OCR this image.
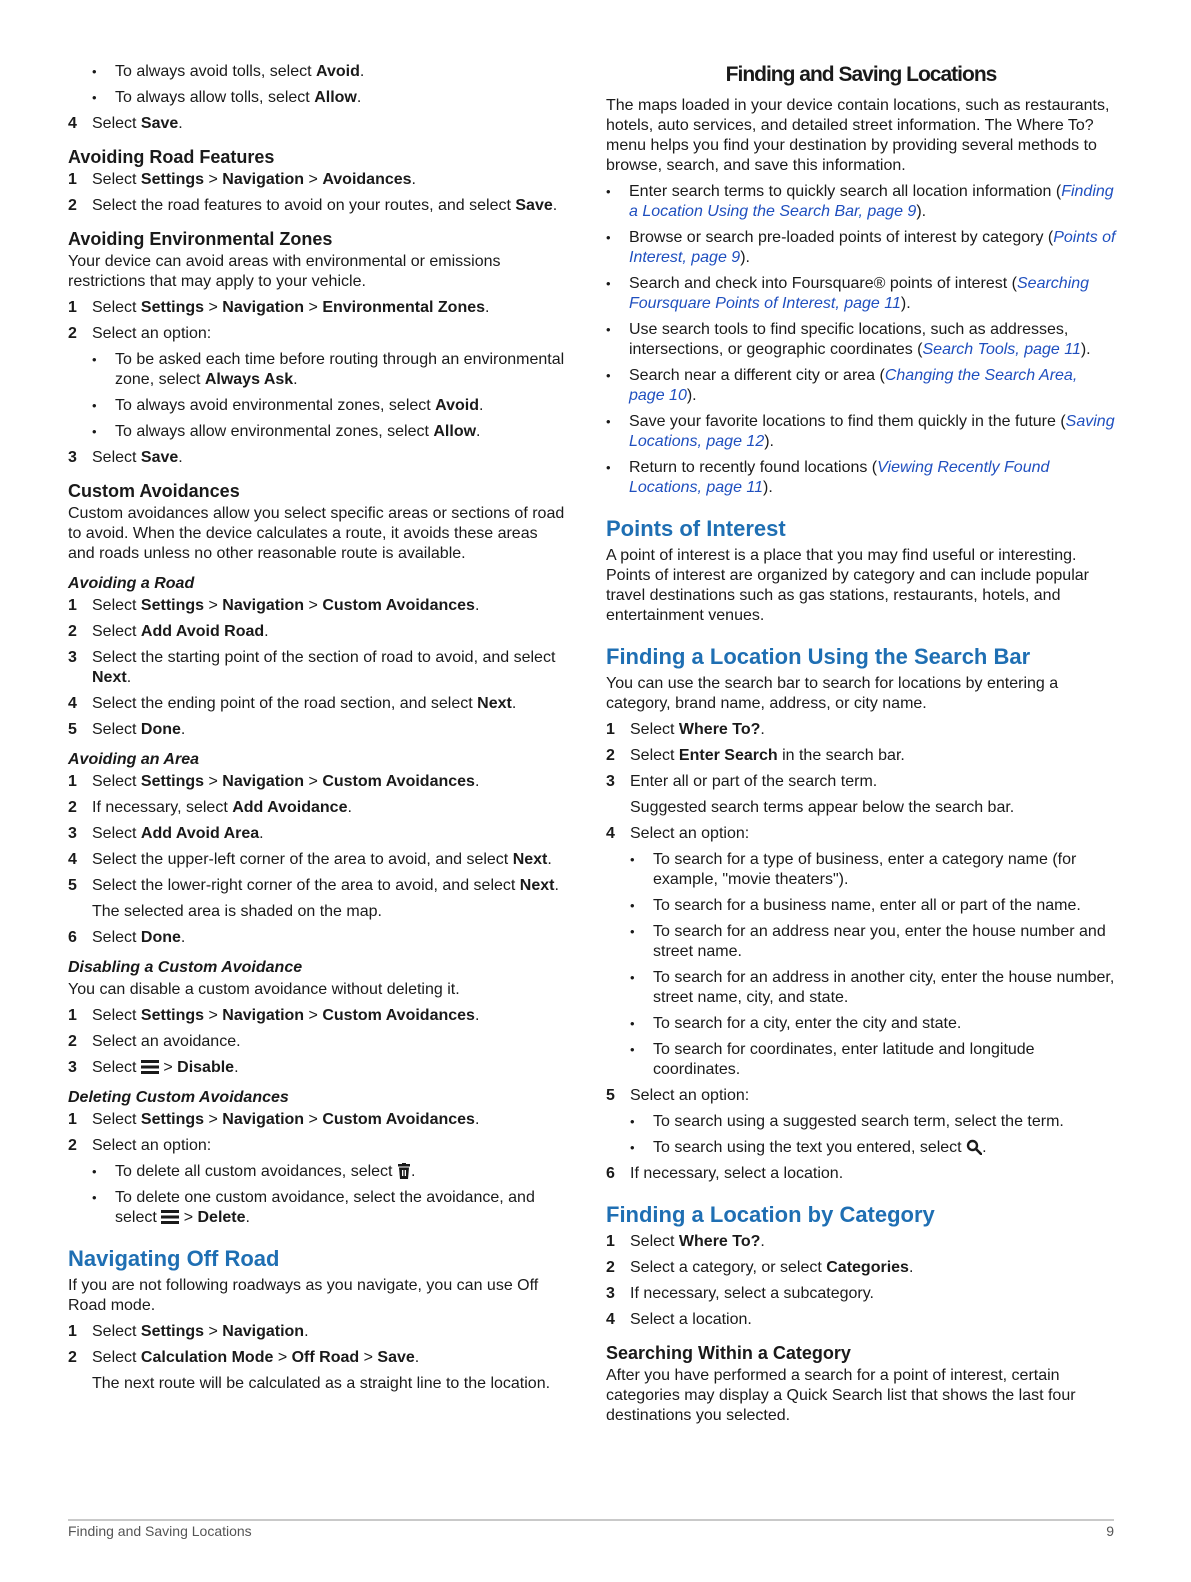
• To always avoid tolls, select Avoid.
• To always allow tolls, select Allow.
4 Select Save.
Avoiding Road Features
1 Select Settings > Navigation > Avoidances.
2 Select the road features to avoid on your routes, and select Save.
Avoiding Environmental Zones

Your device can avoid areas with environmental or emissions restrictions that may apply to your vehicle.

1 Select Settings > Navigation > Environmental Zones.
2 Select an option:
• To be asked each time before routing through an environmental zone, select Always Ask.
• To always avoid environmental zones, select Avoid.
• To always allow environmental zones, select Allow.
3 Select Save.
Custom Avoidances

Custom avoidances allow you select specific areas or sections of road to avoid. When the device calculates a route, it avoids these areas and roads unless no other reasonable route is available.

Avoiding a Road
1 Select Settings > Navigation > Custom Avoidances.
2 Select Add Avoid Road.
3 Select the starting point of the section of road to avoid, and select Next.
4 Select the ending point of the road section, and select Next.
5 Select Done.
Avoiding an Area
1 Select Settings > Navigation > Custom Avoidances.
2 If necessary, select Add Avoidance.
3 Select Add Avoid Area.
4 Select the upper-left corner of the area to avoid, and select Next.
5 Select the lower-right corner of the area to avoid, and select Next.
The selected area is shaded on the map.
6 Select Done.
Disabling a Custom Avoidance

You can disable a custom avoidance without deleting it.

1 Select Settings > Navigation > Custom Avoidances.
2 Select an avoidance.
3 Select  > Disable.
Deleting Custom Avoidances
1 Select Settings > Navigation > Custom Avoidances.
2 Select an option:
• To delete all custom avoidances, select .
• To delete one custom avoidance, select the avoidance, and select  > Delete.
Navigating Off Road

If you are not following roadways as you navigate, you can use Off Road mode.

1 Select Settings > Navigation.
2 Select Calculation Mode > Off Road > Save.
The next route will be calculated as a straight line to the location.
Finding and Saving Locations

The maps loaded in your device contain locations, such as restaurants, hotels, auto services, and detailed street information. The Where To? menu helps you find your destination by providing several methods to browse, search, and save this information.

• Enter search terms to quickly search all location information (Finding a Location Using the Search Bar, page 9).
• Browse or search pre-loaded points of interest by category (Points of Interest, page 9).
• Search and check into Foursquare® points of interest (Searching Foursquare Points of Interest, page 11).
• Use search tools to find specific locations, such as addresses, intersections, or geographic coordinates (Search Tools, page 11).
• Search near a different city or area (Changing the Search Area, page 10).
• Save your favorite locations to find them quickly in the future (Saving Locations, page 12).
• Return to recently found locations (Viewing Recently Found Locations, page 11).
Points of Interest

A point of interest is a place that you may find useful or interesting. Points of interest are organized by category and can include popular travel destinations such as gas stations, restaurants, hotels, and entertainment venues.

Finding a Location Using the Search Bar

You can use the search bar to search for locations by entering a category, brand name, address, or city name.

1 Select Where To?.
2 Select Enter Search in the search bar.
3 Enter all or part of the search term.
Suggested search terms appear below the search bar.
4 Select an option:
• To search for a type of business, enter a category name (for example, "movie theaters").
• To search for a business name, enter all or part of the name.
• To search for an address near you, enter the house number and street name.
• To search for an address in another city, enter the house number, street name, city, and state.
• To search for a city, enter the city and state.
• To search for coordinates, enter latitude and longitude coordinates.
5 Select an option:
• To search using a suggested search term, select the term.
• To search using the text you entered, select .
6 If necessary, select a location.
Finding a Location by Category
1 Select Where To?.
2 Select a category, or select Categories.
3 If necessary, select a subcategory.
4 Select a location.
Searching Within a Category

After you have performed a search for a point of interest, certain categories may display a Quick Search list that shows the last four destinations you selected.

Finding and Saving Locations	9
